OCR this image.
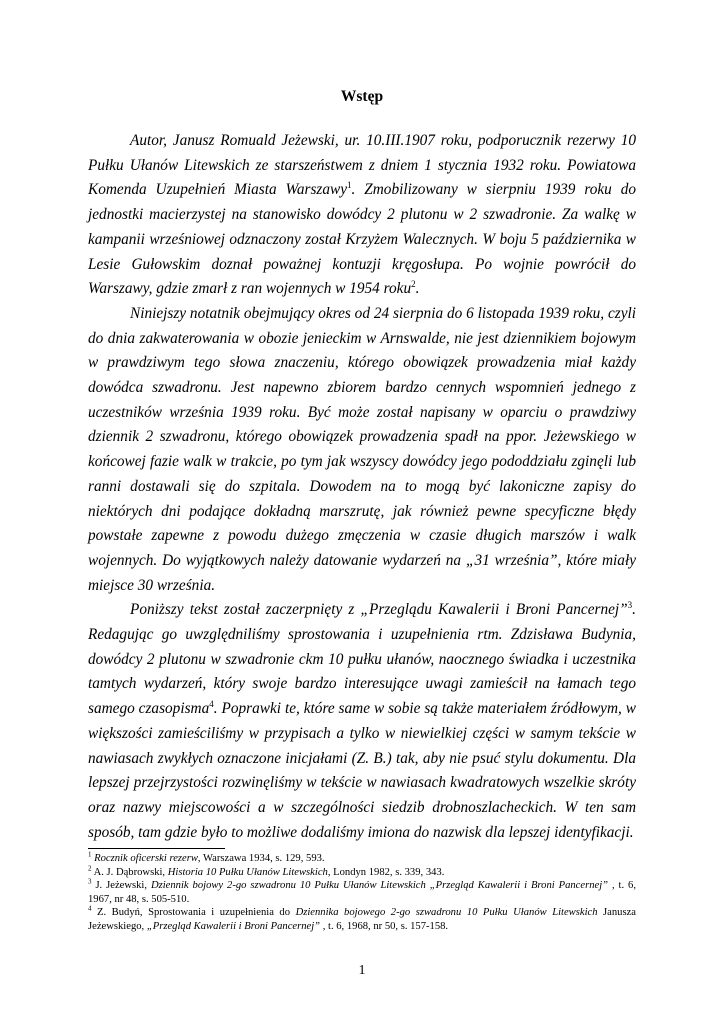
Wstęp

Autor, Janusz Romuald Jeżewski, ur. 10.III.1907 roku, podporucznik rezerwy 10 Pułku Ułanów Litewskich ze starszeństwem z dniem 1 stycznia 1932 roku. Powiatowa Komenda Uzupełnień Miasta Warszawy$^1$. Zmobilizowany w sierpniu 1939 roku do jednostki macierzystej na stanowisko dowódcy 2 plutonu w 2 szwadronie. Za walkę w kampanii wrześniowej odznaczony został Krzyżem Walecznych. W boju 5 października w Lesie Gułowskim doznał poważnej kontuzji kręgosłupa. Po wojnie powrócił do Warszawy, gdzie zmarł z ran wojennych w 1954 roku$^2$.

Niniejszy notatnik obejmujący okres od 24 sierpnia do 6 listopada 1939 roku, czyli do dnia zakwaterowania w obozie jenieckim w Arnswalde, nie jest dziennikiem bojowym w prawdziwym tego słowa znaczeniu, którego obowiązek prowadzenia miał każdy dowódca szwadronu. Jest napewno zbiorem bardzo cennych wspomnień jednego z uczestników września 1939 roku. Być może został napisany w oparciu o prawdziwy dziennik 2 szwadronu, którego obowiązek prowadzenia spadł na ppor. Jeżewskiego w końcowej fazie walk w trakcie, po tym jak wszyscy dowódcy jego pododdziału zginęli lub ranni dostawali się do szpitala. Dowodem na to mogą być lakoniczne zapisy do niektórych dni podające dokładną marszrutę, jak również pewne specyficzne błędy powstałe zapewne z powodu dużego zmęczenia w czasie długich marszów i walk wojennych. Do wyjątkowych należy datowanie wydarzeń na „31 września”, które miały miejsce 30 września.

Poniższy tekst został zaczerpnięty z „Przeglądu Kawalerii i Broni Pancernej”$^3$. Redagując go uwzględniliśmy sprostowania i uzupełnienia rtm. Zdzisława Budynia, dowódcy 2 plutonu w szwadronie ckm 10 pułku ułanów, naocznego świadka i uczestnika tamtych wydarzeń, który swoje bardzo interesujące uwagi zamieścił na łamach tego samego czasopisma$^4$. Poprawki te, które same w sobie są także materiałem źródłowym, w większości zamieściliśmy w przypisach a tylko w niewielkiej części w samym tekście w nawiasach zwykłych oznaczone inicjałami (Z. B.) tak, aby nie psuć stylu dokumentu. Dla lepszej przejrzystości rozwinęliśmy w tekście w nawiasach kwadratowych wszelkie skróty oraz nazwy miejscowości a w szczególności siedzib drobnoszlacheckich. W ten sam sposób, tam gdzie było to możliwe dodaliśmy imiona do nazwisk dla lepszej identyfikacji.

$^1$ Rocznik oficerski rezerw, Warszawa 1934, s. 129, 593.
$^2$ A. J. Dąbrowski, Historia 10 Pułku Ułanów Litewskich, Londyn 1982, s. 339, 343.
$^3$ J. Jeżewski, Dziennik bojowy 2-go szwadronu 10 Pułku Ułanów Litewskich „Przegląd Kawalerii i Broni Pancernej” , t. 6, 1967, nr 48, s. 505-510.
$^4$ Z. Budyń, Sprostowania i uzupełnienia do Dziennika bojowego 2-go szwadronu 10 Pułku Ułanów Litewskich Janusza Jeżewskiego, „Przegląd Kawalerii i Broni Pancernej” , t. 6, 1968, nr 50, s. 157-158.
1
